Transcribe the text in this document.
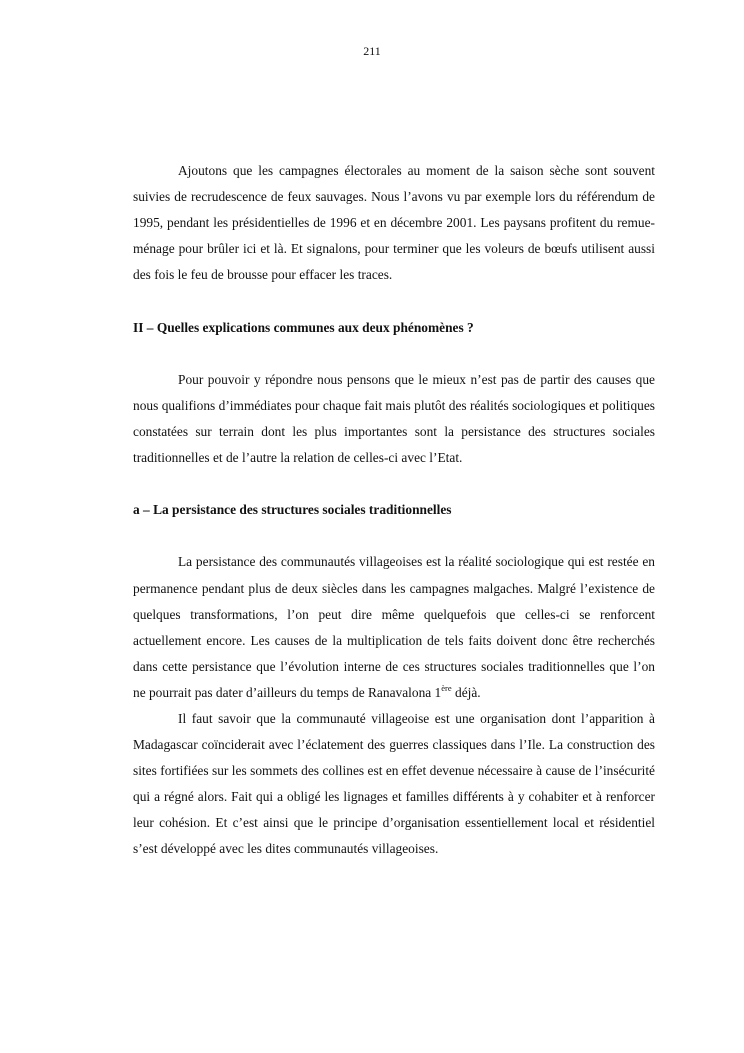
211

Ajoutons que les campagnes électorales au moment de la saison sèche sont souvent suivies de recrudescence de feux sauvages. Nous l’avons vu par exemple lors du référendum de 1995, pendant les présidentielles de 1996 et en décembre 2001. Les paysans profitent du remue-ménage pour brûler ici et là. Et signalons, pour terminer que les voleurs de bœufs utilisent aussi des fois le feu de brousse pour effacer les traces.

II – Quelles explications communes aux deux phénomènes ?

Pour pouvoir y répondre nous pensons que le mieux n’est pas de partir des causes que nous qualifions d’immédiates pour chaque fait mais plutôt des réalités sociologiques et politiques constatées sur terrain dont les plus importantes sont la persistance des structures sociales traditionnelles et de l’autre la relation de celles-ci avec l’Etat.

a – La persistance des structures sociales traditionnelles

La persistance des communautés villageoises est la réalité sociologique qui est restée en permanence pendant plus de deux siècles dans les campagnes malgaches. Malgré l’existence de quelques transformations, l’on peut dire même quelquefois que celles-ci se renforcent actuellement encore. Les causes de la multiplication de tels faits doivent donc être recherchés dans cette persistance que l’évolution interne de ces structures sociales traditionnelles que l’on ne pourrait pas dater d’ailleurs du temps de Ranavalona 1ère déjà.

Il faut savoir que la communauté villageoise est une organisation dont l’apparition à Madagascar coïnciderait avec l’éclatement des guerres classiques dans l’Ile. La construction des sites fortifiées sur les sommets des collines est en effet devenue nécessaire à cause de l’insécurité qui a régné alors. Fait qui a obligé les lignages et familles différents à y cohabiter et à renforcer leur cohésion. Et c’est ainsi que le principe d’organisation essentiellement local et résidentiel s’est développé avec les dites communautés villageoises.
